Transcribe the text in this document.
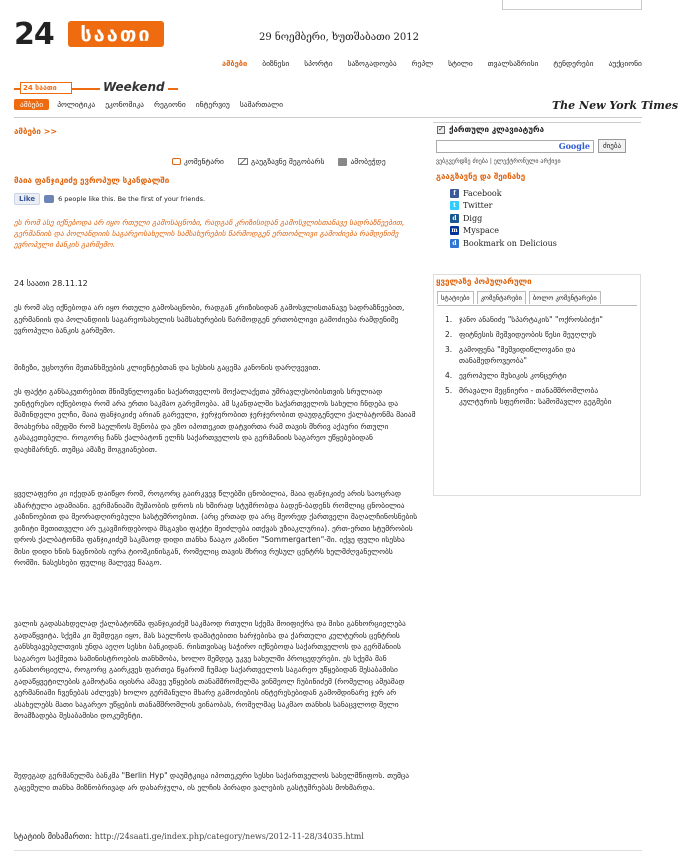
24	საათი	29 ნოემბერი, ხუთშაბათი 2012
ამბები ბიზნესი სპორტი საზოგადოება რეპლ სტილი თვალსაზრისი ტენდერები აუქციონი
24 საათი	Weekend
ამბები	პოლიტიკა ეკონომიკა რეგიონი ინტერვიუ სამართალი	The New York Times
ამბები >>
კომენტარი	გაუგზავნე მეგობარს	ამობეჭდე
მაია ფანჯიკიძე ევროპულ სკანდალში
Like	6 people like this. Be the first of your friends.
ეს რომ ასე იქნებოდა არ იყო რთული გამოსაცნობი, რადგან კრიზისიდან გამოსვლისთანავე სადრაზნეებით, გერმანიის და პოლანდიის საგარეოსახელის სამსახურების წარმოდგენ ერთობლივი გამოძიება რამდენიმე ევროპული ბანკის გარშემო.
24 საათი 28.11.12
ეს რომ ასე იქნებოდა არ იყო რთული გამოსაცნობი, რადგან კრიზისიდან გამოსვლისთანავე სადრაზნეებით, გერმანიის და პოლანდიის საგარეოსახელის სამსახურების წარმოდგენ ერთობლივი გამოძიება რამდენიმე ევროპული ბანკის გარშემო.
მიზეზი, უცხოური მეთანხმეების კლიენტებთან და სესხის გაცემა კანონის დარღვევით.
ეს ფაქტი განსაკუთრებით მნიშვნელოვანი საქართველოს მოქალაქეთა უმრავლესობისთვის სრულიად უინტერესო იქნებოდა რომ არა ერთი საკმაო გარემოება. ამ სკანდალში საქართველოს სახელი ჩნდება და მაშინდელი ელჩი, მაია ფანჯიკიძე არიან გარეული, ჯერჯერობით ჯერჯერობით დაუდგენელი ქალბატონმა მაიამ მოახერხა იმედში რომ საელჩოს შენობა და ეზო იპოთეკით დატვირთა რამ თავის მხრივ აქაური რთული გასაკეთებელი. როგორც ჩანს ქალბატონ ელჩს საქართველოს და გერმანიის საგარეო უწყებებიდან დაეხმარნენ. თუმცა ამაზე მოგვიანებით.
ყველაფერი კი იქედან დაიწყო რომ, როგორც გაირკვევ წლებში ცნობილია, მაია ფანჯიკიძე არის საოცრად აზარტული ადამიანი. გერმანიაში მუშაობის დროს ის ხშირად სტუმრობდა ბადენ-ბადენს რომლიც ცნობილია კაზინოებით და მეორადღირებული სასტუმროებით. (არც ერთად და არც მეორედ ქართველი მაღალჩინოსნების ვიზიტი მეთითველი არ უკავშირდებოდა მსგავსი ფაქტი მეიძლება ითქვას უზიაკლურია). ერთ-ერთი სტუმრობის დროს ქალბატონმა ფანჯიკიძემ საკმაოდ დიდი თანხა წააგო კაზინო "Sommergarten"-ში. იქვე ფული ისესხა მისი დიდი ხნის ნაცნობის იურა ტიომკინისგან, რომელიც თავის მხრივ რუსულ ცენტრს ხელმძღვანელობს რომში. ნასესხები ფულიც მალევე წააგო.
ვალის გადასახდელად ქალბატონმა ფანჯიკიძემ საკმაოდ რთული სქემა მოიფიქრა და მისი განხორციელება გადაწყვიტა. სქემა კი შემდეგი იყო, მას საელჩოს დამატებითი ხარჯებისა და ქართული კულტურის ცენტრის განსხვავებელთვის უნდა აეღო სესხი ბანკიდან. რისთვისაც საჭირო იქნებოდა საქართველოს და გერმანიის საგარეო საქმეთა სამინისტროების თანხმობა, ხოლო შემდეგ უკვე სახელმი პროცედურები. ეს სქემა მან განახორციელა, როგორც გაირკვეს ფართეა წყარომ ჩუმად საქართველოს საგარეო უწყებიდან შესაბამისი გადაწყვეტილების გამოტანა იცისრა ამავე უწყების თანამშრომელმა ვინმეოლ ჩუბინიძემ (რომელიც ამჟამად გერმანიაში ჩვენებას აძლევს) ხოლო გერმანული მხარე გამოძიების ინტერესებიდან გამომდინარე ჯერ არ ასახელებს მათი საგარეო უწყების თანამშრომლის ვინაობას, რომელმაც საკმაო თანხის სანაცვლოდ შელი მოამზადება შესაბამისი დოკუმენტი.
შედეგად გერმანულმა ბანკმა "Berlin Hyp" დაუმტკიცა იპოთეკური სესხი საქართველოს სახელმწიფოს. თუმცა გაცემული თანხა მიზნობრივად არ დახარჯულა, ის ელჩის პირადი ვალების გასტუმრებას მოხმარდა.
სტატიის მისამართი: http://24saati.ge/index.php/category/news/2012-11-28/34035.html
✓ ქართული კლავიატურა
Google	ძიება
ვებგვერდზე ძიება | ელექტრონული არქივი
გააგზავნე და შეინახე
f Facebook
t Twitter
d Digg
m Myspace
d Bookmark on Delicious
ყველაზე პოპულარული
სტატიები	კომენტარები	ბოლო კომენტარები
1. ჯანო ანანიძე "სპარტაკის" "ოქროსბიჭი"
2. ფიტნესის მეშვიდეობის წესი მეუღლეს
3. გამოფენა "მეშვიდიწლოვანი და თანამედროვეობა"
4. ევროპული მუსიკის კონცერტი
5. მრავალი მეცნიერი - თანამშრომლობა კულტურის სფეროში: სამომავლო გეგმები
